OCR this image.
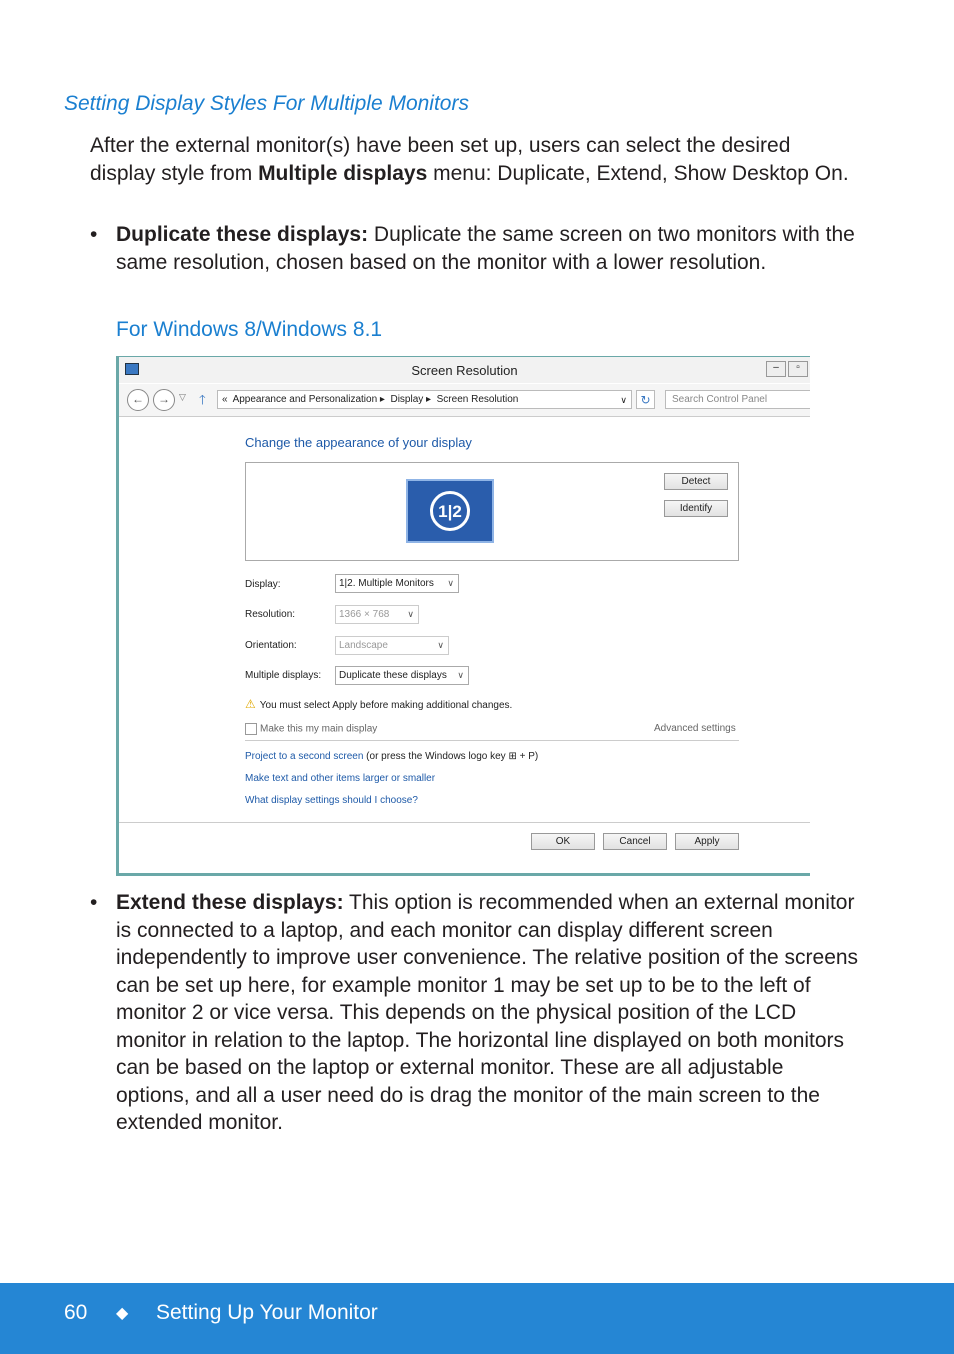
Setting Display Styles For Multiple Monitors
After the external monitor(s) have been set up, users can select the desired display style from Multiple displays menu: Duplicate, Extend, Show Desktop On.
• Duplicate these displays: Duplicate the same screen on two monitors with the same resolution, chosen based on the monitor with a lower resolution.
For Windows 8/Windows 8.1
Screen Resolution	– ▫
←	→	▽ 🡑	« Appearance and Personalization ▸  Display ▸  Screen Resolution	∨	↻	Search Control Panel
Change the appearance of your display
1|2
Detect
Identify
Display:	1|2. Multiple Monitors ∨
Resolution:	1366 × 768 ∨
Orientation:	Landscape	∨
Multiple displays:	Duplicate these displays ∨
⚠ You must select Apply before making additional changes.
Make this my main display	Advanced settings
Project to a second screen (or press the Windows logo key ⊞ + P)
Make text and other items larger or smaller
What display settings should I choose?
OK	Cancel	Apply
• Extend these displays: This option is recommended when an external monitor is connected to a laptop, and each monitor can display different screen independently to improve user convenience. The relative position of the screens can be set up here, for example monitor 1 may be set up to be to the left of monitor 2 or vice versa. This depends on the physical position of the LCD monitor in relation to the laptop. The horizontal line displayed on both monitors can be based on the laptop or external monitor. These are all adjustable options, and all a user need do is drag the monitor of the main screen to the extended monitor.
60 ◆ Setting Up Your Monitor
